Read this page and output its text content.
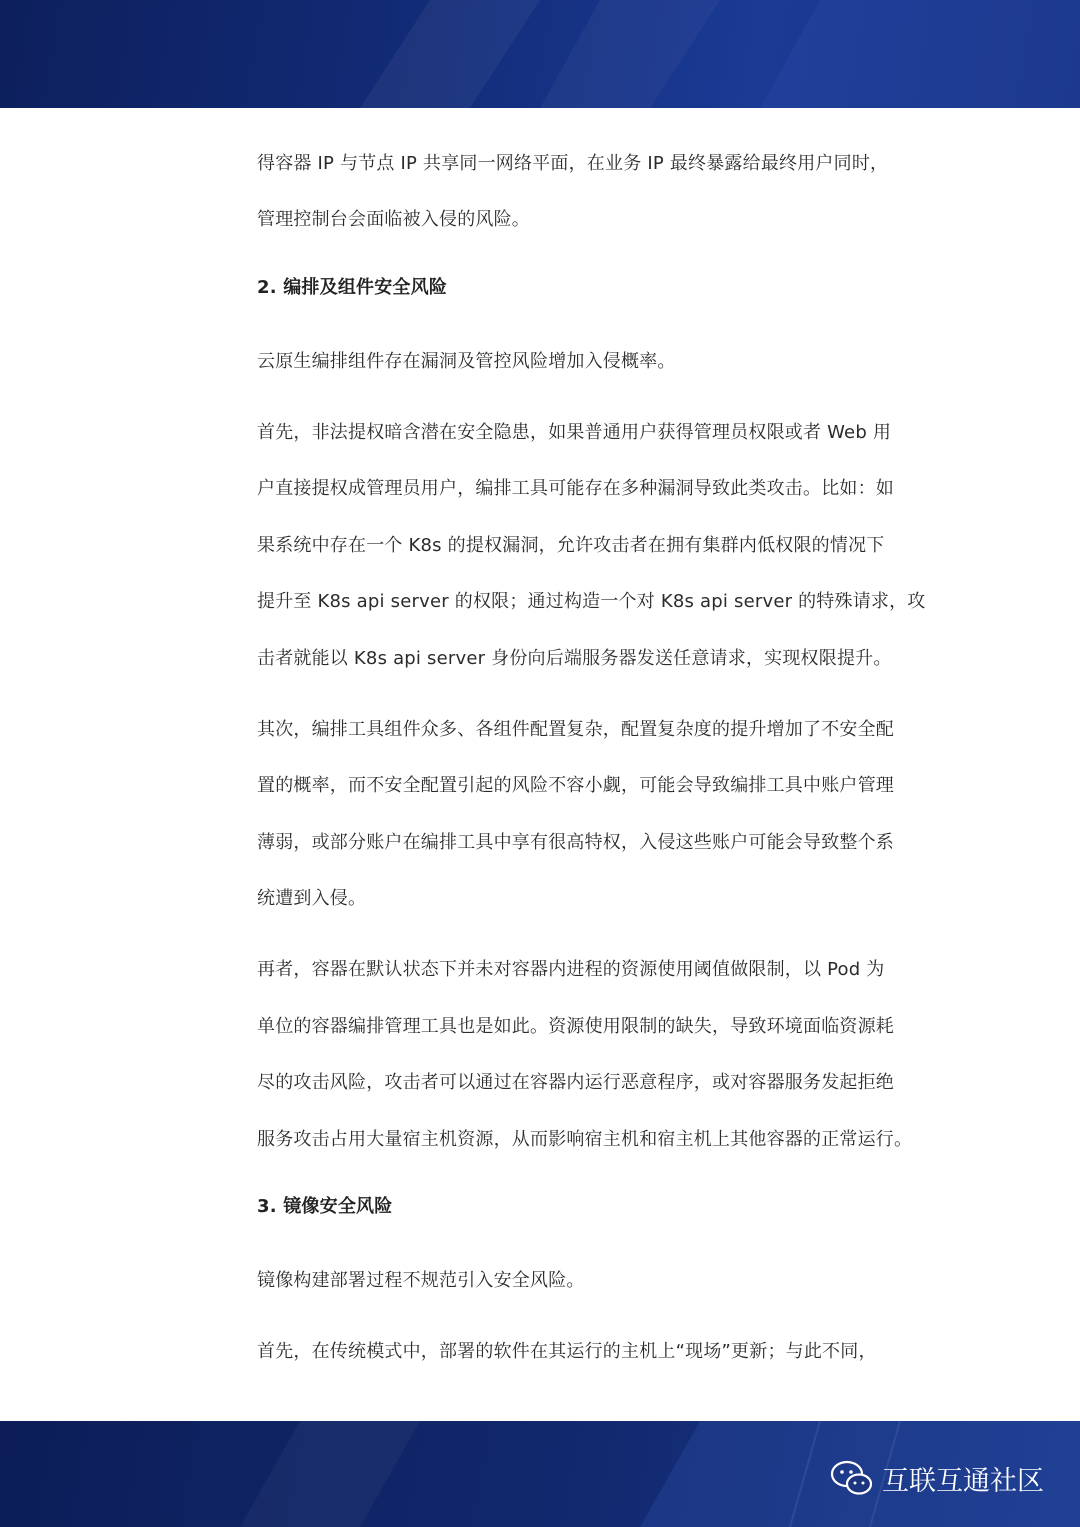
得容器 IP 与节点 IP 共享同一网络平面，在业务 IP 最终暴露给最终用户同时，
管理控制台会面临被入侵的风险。
2. 编排及组件安全风险
云原生编排组件存在漏洞及管控风险增加入侵概率。
首先，非法提权暗含潜在安全隐患，如果普通用户获得管理员权限或者 Web 用
户直接提权成管理员用户，编排工具可能存在多种漏洞导致此类攻击。比如：如
果系统中存在一个 K8s 的提权漏洞，允许攻击者在拥有集群内低权限的情况下
提升至 K8s api server 的权限；通过构造一个对 K8s api server 的特殊请求，攻
击者就能以 K8s api server 身份向后端服务器发送任意请求，实现权限提升。
其次，编排工具组件众多、各组件配置复杂，配置复杂度的提升增加了不安全配
置的概率，而不安全配置引起的风险不容小觑，可能会导致编排工具中账户管理
薄弱，或部分账户在编排工具中享有很高特权，入侵这些账户可能会导致整个系
统遭到入侵。
再者，容器在默认状态下并未对容器内进程的资源使用阈值做限制，以 Pod 为
单位的容器编排管理工具也是如此。资源使用限制的缺失，导致环境面临资源耗
尽的攻击风险，攻击者可以通过在容器内运行恶意程序，或对容器服务发起拒绝
服务攻击占用大量宿主机资源，从而影响宿主机和宿主机上其他容器的正常运行。
3. 镜像安全风险
镜像构建部署过程不规范引入安全风险。
首先，在传统模式中，部署的软件在其运行的主机上“现场”更新；与此不同，
互联互通社区
